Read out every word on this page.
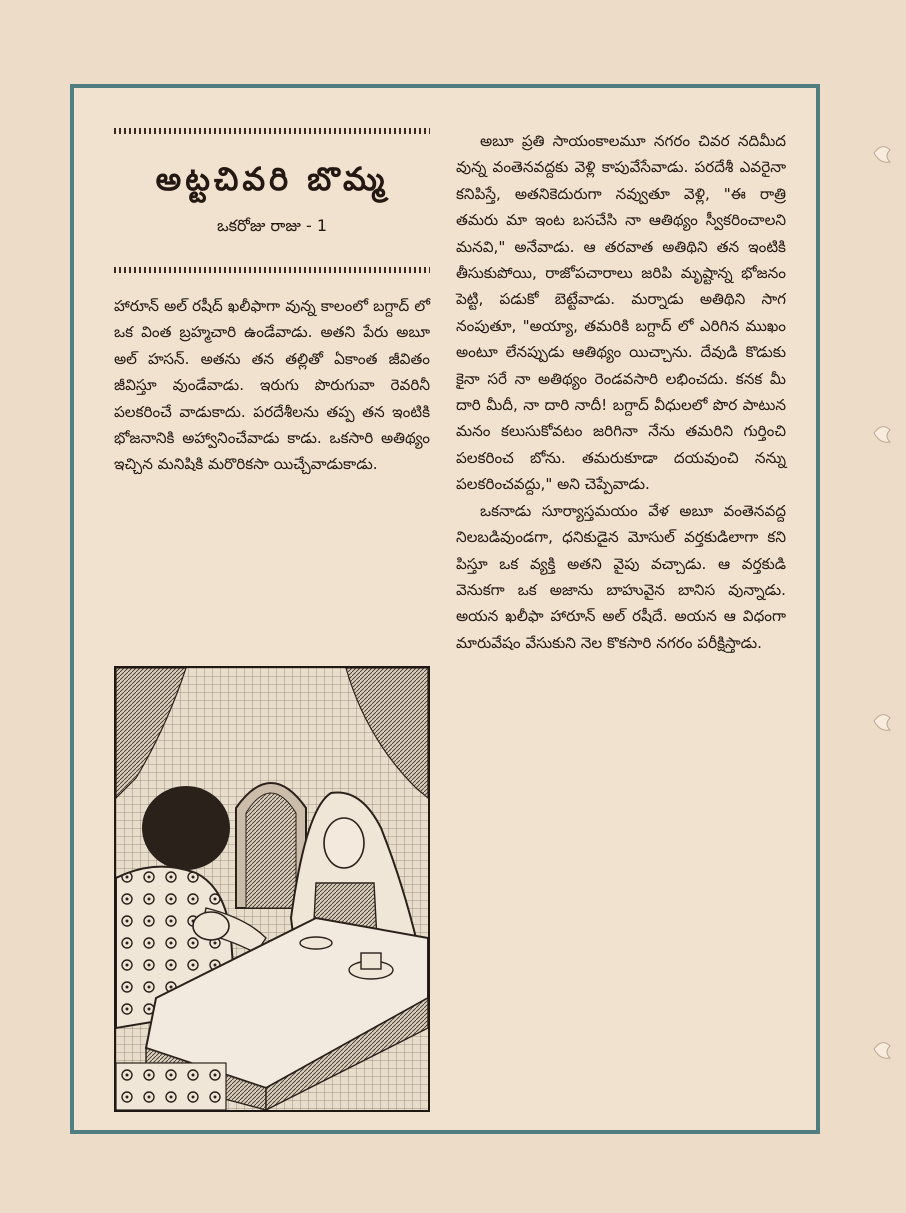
అట్టచివరి బొమ్మ
ఒకరోజు రాజు - 1

హారూన్ అల్ రషీద్ ఖలీఫాగా వున్న కాలంలో బగ్దాద్ లో ఒక వింత బ్రహ్మచారి ఉండేవాడు. అతని పేరు అబూ అల్ హసన్. అతను తన తల్లితో ఏకాంత జీవితం జీవిస్తూ వుండేవాడు. ఇరుగు పొరుగువా రెవరినీ పలకరించే వాడుకాదు. పరదేశీలను తప్ప తన ఇంటికి భోజనానికి అహ్వానించేవాడు కాడు. ఒకసారి అతిథ్యం ఇచ్చిన మనిషికి మరొరికసా యిచ్చేవాడుకాడు.

అబూ ప్రతి సాయంకాలమూ నగరం చివర నదిమీద వున్న వంతెనవద్దకు వెళ్లి కాపువేసేవాడు. పరదేశీ ఎవరైనా కనిపిస్తే, అతనికెదురుగా నవ్వుతూ వెళ్లి, "ఈ రాత్రి తమరు మా ఇంట బసచేసి నా ఆతిథ్యం స్వీకరించాలని మనవి," అనేవాడు. ఆ తరవాత అతిథిని తన ఇంటికి తీసుకుపోయి, రాజోపచారాలు జరిపి మృష్టాన్న భోజనం పెట్టి, పడుకో బెట్టేవాడు. మర్నాడు అతిథిని సాగ నంపుతూ, "అయ్యా, తమరికి బగ్దాద్ లో ఎరిగిన ముఖం అంటూ లేనప్పుడు ఆతిథ్యం యిచ్చాను. దేవుడి కొడుకు కైనా సరే నా అతిథ్యం రెండవసారి లభించదు. కనక మీ దారి మీదీ, నా దారి నాదీ! బగ్దాద్ వీధులలో పొర పాటున మనం కలుసుకోవటం జరిగినా నేను తమరిని గుర్తించి పలకరించ బోను. తమరుకూడా దయవుంచి నన్ను పలకరించవద్దు," అని చెప్పేవాడు.

ఒకనాడు సూర్యాస్తమయం వేళ అబూ వంతెనవద్ద నిలబడివుండగా, ధనికుడైన మోసుల్ వర్తకుడిలాగా కని పిస్తూ ఒక వ్యక్తి అతని వైపు వచ్చాడు. ఆ వర్తకుడి వెనుకగా ఒక అజాను బాహువైన బానిస వున్నాడు. అయన ఖలీఫా హారూన్ అల్ రషీదే. అయన ఆ విధంగా మారువేషం వేసుకుని నెల కొకసారి నగరం పరీక్షిస్తాడు.
